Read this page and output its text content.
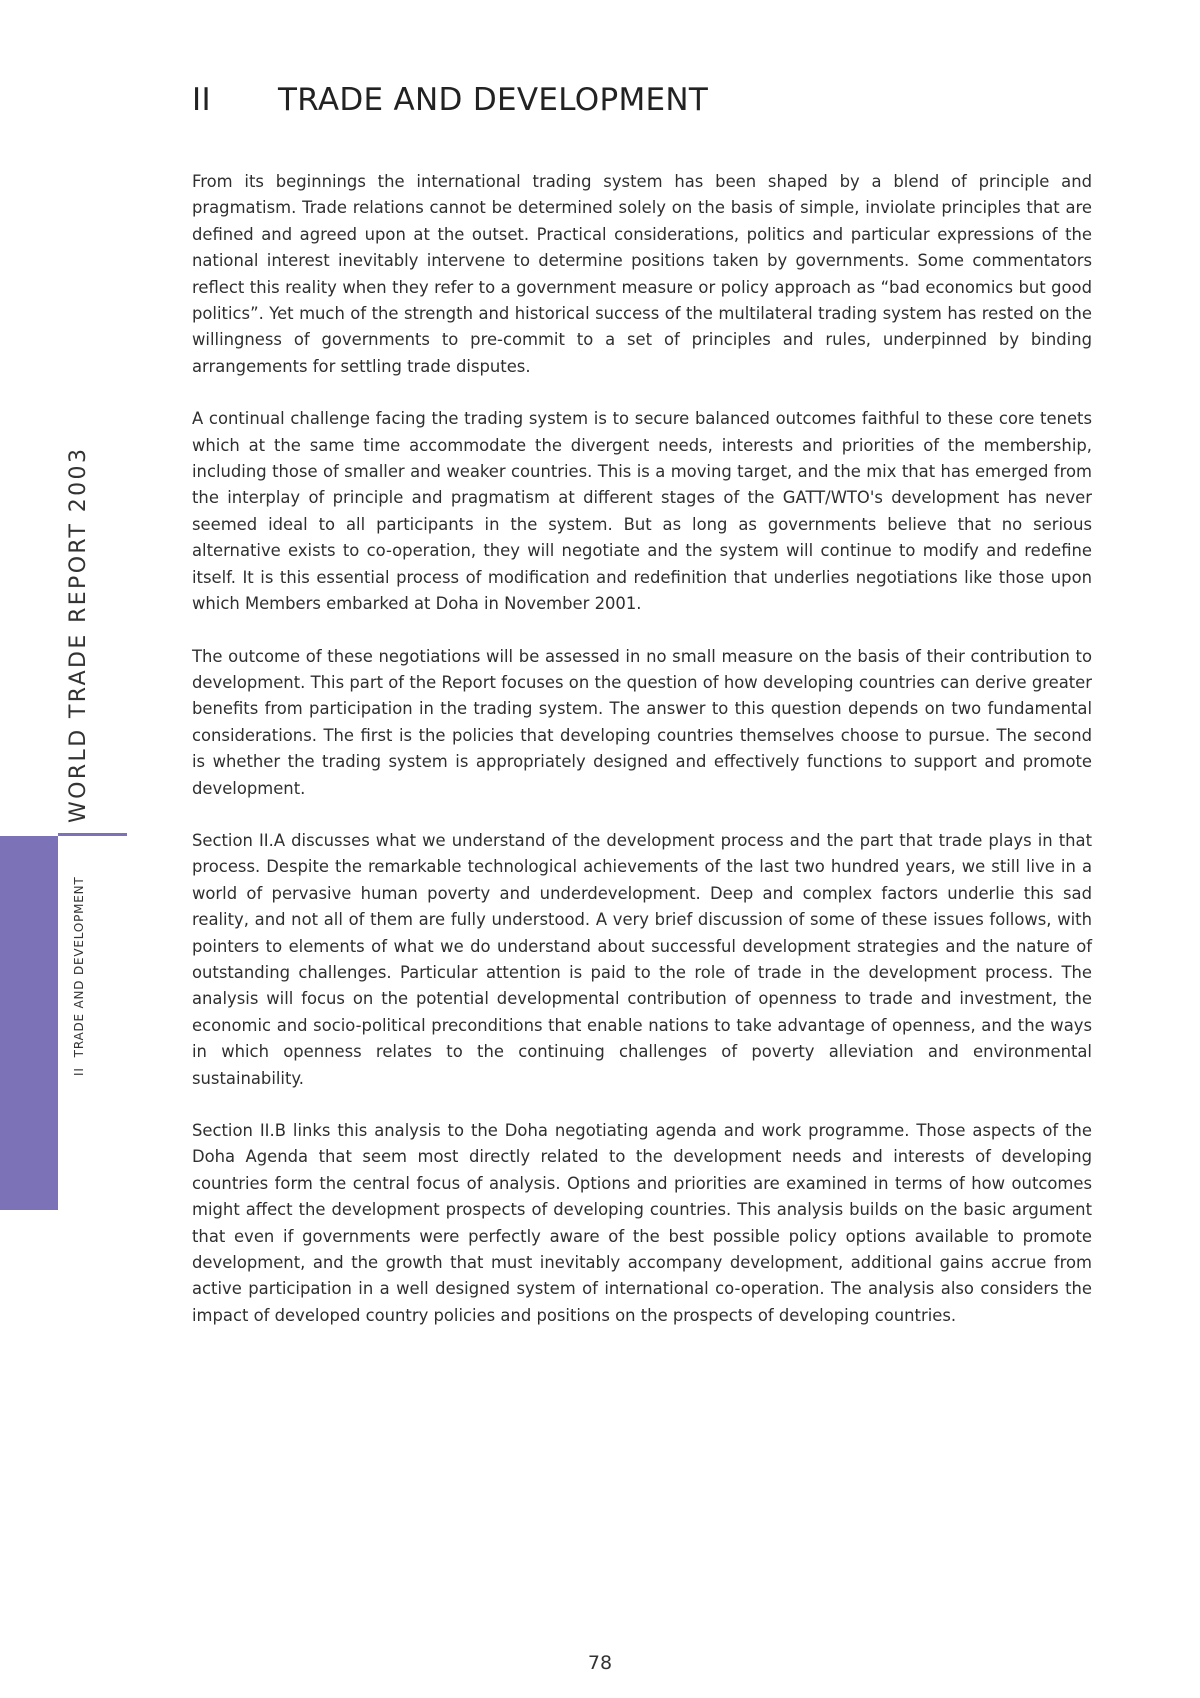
WORLD TRADE REPORT 2003
IITRADE AND DEVELOPMENT
II TRADE AND DEVELOPMENT

From its beginnings the international trading system has been shaped by a blend of principle and pragmatism. Trade relations cannot be determined solely on the basis of simple, inviolate principles that are defined and agreed upon at the outset. Practical considerations, politics and particular expressions of the national interest inevitably intervene to determine positions taken by governments. Some commentators reflect this reality when they refer to a government measure or policy approach as “bad economics but good politics”. Yet much of the strength and historical success of the multilateral trading system has rested on the willingness of governments to pre-commit to a set of principles and rules, underpinned by binding arrangements for settling trade disputes.

A continual challenge facing the trading system is to secure balanced outcomes faithful to these core tenets which at the same time accommodate the divergent needs, interests and priorities of the membership, including those of smaller and weaker countries. This is a moving target, and the mix that has emerged from the interplay of principle and pragmatism at different stages of the GATT/WTO's development has never seemed ideal to all participants in the system. But as long as governments believe that no serious alternative exists to co-operation, they will negotiate and the system will continue to modify and redefine itself. It is this essential process of modification and redefinition that underlies negotiations like those upon which Members embarked at Doha in November 2001.

The outcome of these negotiations will be assessed in no small measure on the basis of their contribution to development. This part of the Report focuses on the question of how developing countries can derive greater benefits from participation in the trading system. The answer to this question depends on two fundamental considerations. The first is the policies that developing countries themselves choose to pursue. The second is whether the trading system is appropriately designed and effectively functions to support and promote development.

Section II.A discusses what we understand of the development process and the part that trade plays in that process. Despite the remarkable technological achievements of the last two hundred years, we still live in a world of pervasive human poverty and underdevelopment. Deep and complex factors underlie this sad reality, and not all of them are fully understood. A very brief discussion of some of these issues follows, with pointers to elements of what we do understand about successful development strategies and the nature of outstanding challenges. Particular attention is paid to the role of trade in the development process. The analysis will focus on the potential developmental contribution of openness to trade and investment, the economic and socio-political preconditions that enable nations to take advantage of openness, and the ways in which openness relates to the continuing challenges of poverty alleviation and environmental sustainability.

Section II.B links this analysis to the Doha negotiating agenda and work programme. Those aspects of the Doha Agenda that seem most directly related to the development needs and interests of developing countries form the central focus of analysis. Options and priorities are examined in terms of how outcomes might affect the development prospects of developing countries. This analysis builds on the basic argument that even if governments were perfectly aware of the best possible policy options available to promote development, and the growth that must inevitably accompany development, additional gains accrue from active participation in a well designed system of international co-operation. The analysis also considers the impact of developed country policies and positions on the prospects of developing countries.

78
